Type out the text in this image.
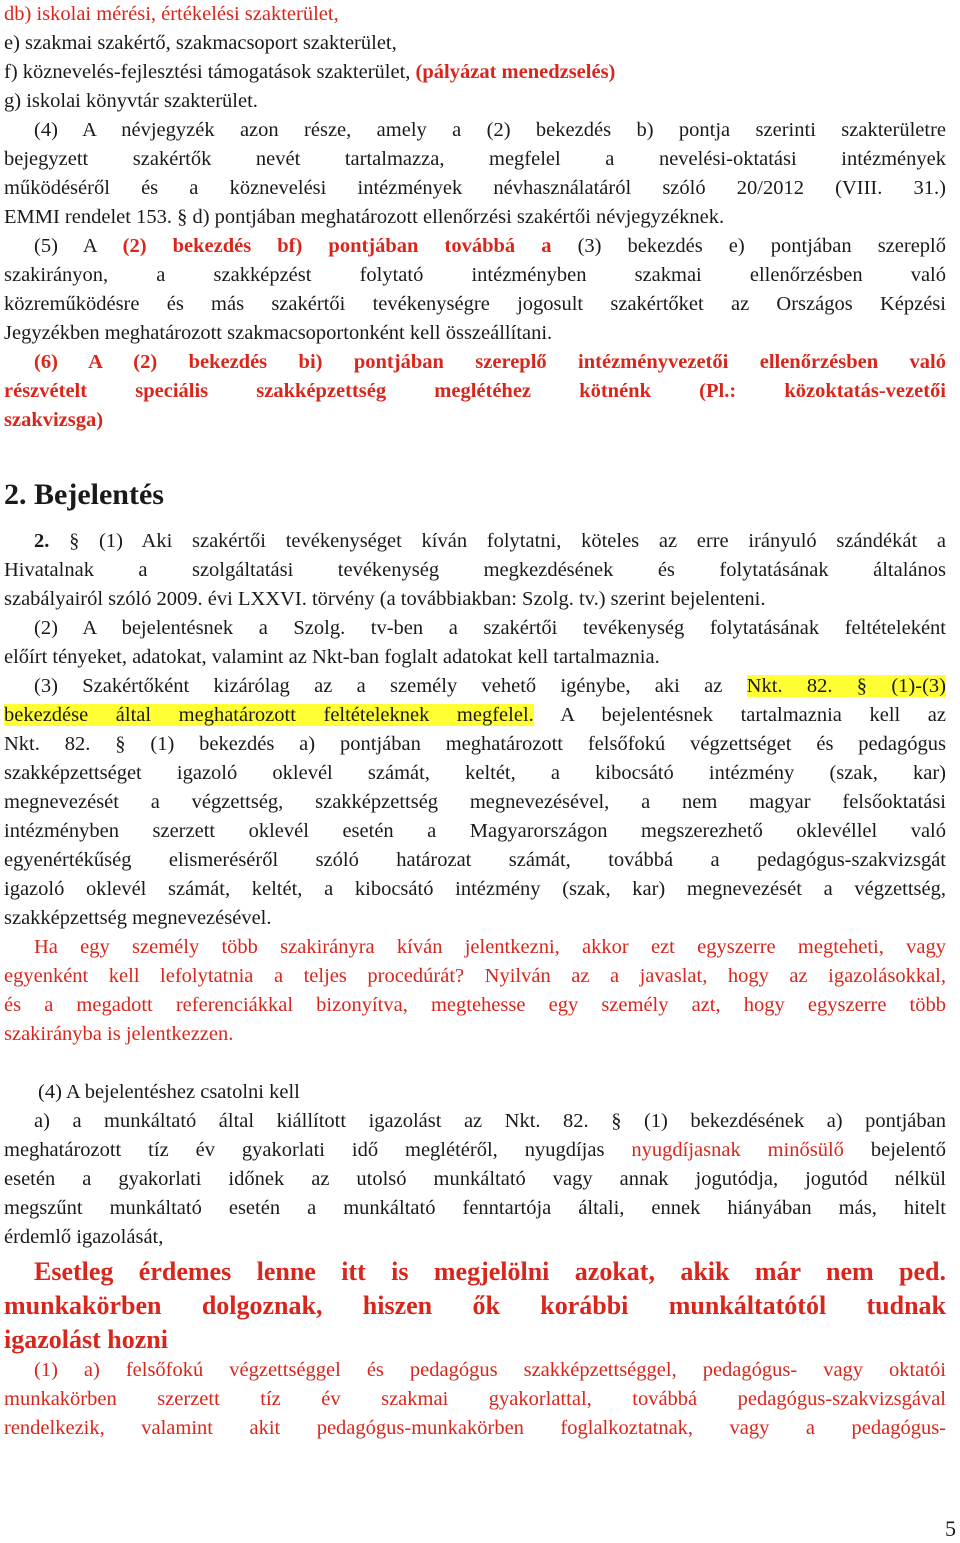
db) iskolai mérési, értékelési szakterület,
e) szakmai szakértő, szakmacsoport szakterület,
f) köznevelés-fejlesztési támogatások szakterület, (pályázat menedzselés)
g) iskolai könyvtár szakterület.
(4) A névjegyzék azon része, amely a (2) bekezdés b) pontja szerinti szakterületre
bejegyzett szakértők nevét tartalmazza, megfelel a nevelési-oktatási intézmények
működéséről és a köznevelési intézmények névhasználatáról szóló 20/2012 (VIII. 31.)
EMMI rendelet 153. § d) pontjában meghatározott ellenőrzési szakértői névjegyzéknek.
(5) A (2) bekezdés bf) pontjában továbbá a (3) bekezdés e) pontjában szereplő
szakirányon, a szakképzést folytató intézményben szakmai ellenőrzésben való
közreműködésre és más szakértői tevékenységre jogosult szakértőket az Országos Képzési
Jegyzékben meghatározott szakmacsoportonként kell összeállítani.
(6) A (2) bekezdés bi) pontjában szereplő intézményvezetői ellenőrzésben való
részvételt speciális szakképzettség meglétéhez kötnénk (Pl.: közoktatás-vezetői
szakvizsga)
2. Bejelentés
2. § (1) Aki szakértői tevékenységet kíván folytatni, köteles az erre irányuló szándékát a
Hivatalnak a szolgáltatási tevékenység megkezdésének és folytatásának általános
szabályairól szóló 2009. évi LXXVI. törvény (a továbbiakban: Szolg. tv.) szerint bejelenteni.
(2) A bejelentésnek a Szolg. tv-ben a szakértői tevékenység folytatásának feltételeként
előírt tényeket, adatokat, valamint az Nkt-ban foglalt adatokat kell tartalmaznia.
(3) Szakértőként kizárólag az a személy vehető igénybe, aki az Nkt. 82. § (1)-(3)
bekezdése által meghatározott feltételeknek megfelel. A bejelentésnek tartalmaznia kell az
Nkt. 82. § (1) bekezdés a) pontjában meghatározott felsőfokú végzettséget és pedagógus
szakképzettséget igazoló oklevél számát, keltét, a kibocsátó intézmény (szak, kar)
megnevezését a végzettség, szakképzettség megnevezésével, a nem magyar felsőoktatási
intézményben szerzett oklevél esetén a Magyarországon megszerezhető oklevéllel való
egyenértékűség elismeréséről szóló határozat számát, továbbá a pedagógus-szakvizsgát
igazoló oklevél számát, keltét, a kibocsátó intézmény (szak, kar) megnevezését a végzettség,
szakképzettség megnevezésével.
Ha egy személy több szakirányra kíván jelentkezni, akkor ezt egyszerre megteheti, vagy
egyenként kell lefolytatnia a teljes procedúrát? Nyilván az a javaslat, hogy az igazolásokkal,
és a megadott referenciákkal bizonyítva, megtehesse egy személy azt, hogy egyszerre több
szakirányba is jelentkezzen.
(4) A bejelentéshez csatolni kell
a) a munkáltató által kiállított igazolást az Nkt. 82. § (1) bekezdésének a) pontjában
meghatározott tíz év gyakorlati idő meglétéről, nyugdíjas nyugdíjasnak minősülő bejelentő
esetén a gyakorlati időnek az utolsó munkáltató vagy annak jogutódja, jogutód nélkül
megszűnt munkáltató esetén a munkáltató fenntartója általi, ennek hiányában más, hitelt
érdemlő igazolását,
Esetleg érdemes lenne itt is megjelölni azokat, akik már nem ped.
munkakörben dolgoznak, hiszen ők korábbi munkáltatótól tudnak
igazolást hozni
(1) a) felsőfokú végzettséggel és pedagógus szakképzettséggel, pedagógus- vagy oktatói
munkakörben szerzett tíz év szakmai gyakorlattal, továbbá pedagógus-szakvizsgával
rendelkezik, valamint akit pedagógus-munkakörben foglalkoztatnak, vagy a pedagógus-
5
